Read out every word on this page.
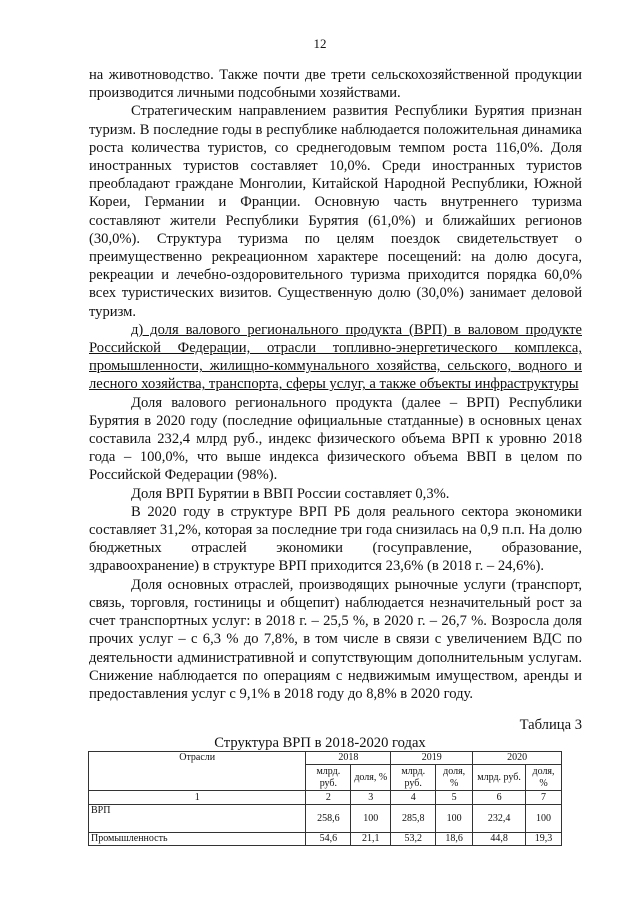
12

на животноводство. Также почти две трети сельскохозяйственной продукции производится личными подсобными хозяйствами.

Стратегическим направлением развития Республики Бурятия признан туризм. В последние годы в республике наблюдается положительная динамика роста количества туристов, со среднегодовым темпом роста 116,0%. Доля иностранных туристов составляет 10,0%. Среди иностранных туристов преобладают граждане Монголии, Китайской Народной Республики, Южной Кореи, Германии и Франции. Основную часть внутреннего туризма составляют жители Республики Бурятия (61,0%) и ближайших регионов (30,0%). Структура туризма по целям поездок свидетельствует о преимущественно рекреационном характере посещений: на долю досуга, рекреации и лечебно-оздоровительного туризма приходится порядка 60,0% всех туристических визитов. Существенную долю (30,0%) занимает деловой туризм.

д) доля валового регионального продукта (ВРП) в валовом продукте Российской Федерации, отрасли топливно-энергетического комплекса, промышленности, жилищно-коммунального хозяйства, сельского, водного и лесного хозяйства, транспорта, сферы услуг, а также объекты инфраструктуры

Доля валового регионального продукта (далее – ВРП) Республики Бурятия в 2020 году (последние официальные статданные) в основных ценах составила 232,4 млрд руб., индекс физического объема ВРП к уровню 2018 года – 100,0%, что выше индекса физического объема ВВП в целом по Российской Федерации (98%).

Доля ВРП Бурятии в ВВП России составляет 0,3%.

В 2020 году в структуре ВРП РБ доля реального сектора экономики составляет 31,2%, которая за последние три года снизилась на 0,9 п.п. На долю бюджетных отраслей экономики (госуправление, образование, здравоохранение) в структуре ВРП приходится 23,6% (в 2018 г. – 24,6%).

Доля основных отраслей, производящих рыночные услуги (транспорт, связь, торговля, гостиницы и общепит) наблюдается незначительный рост за счет транспортных услуг: в 2018 г. – 25,5 %, в 2020 г. – 26,7 %. Возросла доля прочих услуг – с 6,3 % до 7,8%, в том числе в связи с увеличением ВДС по деятельности административной и сопутствующим дополнительным услугам. Снижение наблюдается по операциям с недвижимым имуществом, аренды и предоставления услуг с 9,1% в 2018 году до 8,8% в 2020 году.

Таблица 3
Структура ВРП в 2018-2020 годах
Отрасли	2018		2019		2020	
	млрд. руб.	доля, %	млрд. руб.	доля, %	млрд. руб.	доля, %
1	2	3	4	5	6	7
ВРП	258,6	100	285,8	100	232,4	100
Промышленность	54,6	21,1	53,2	18,6	44,8	19,3
